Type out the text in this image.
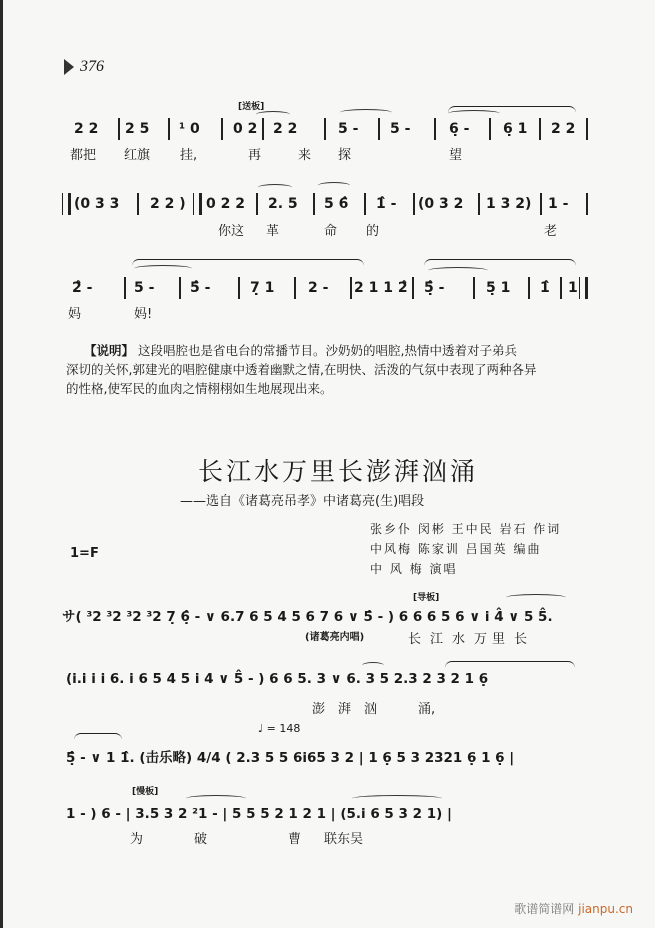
376
[送板]
2 2 2 5 ¹ 0 0 2 2 2	5 - 5 -	6̣ - 6̣ 1 2 2
都把 红旗 挂,	再	来 探	望
(0 3 3 2 2 ) 0 2 2 2. 5 5 6̂ 1̂ - (0 3 2 1 3 2) 1 -
你这 革	命 的	老
2̂ -	5 -	5̂ -	7̣ 1 2 - 2 1 1 2̂ 5̣̂ -	5̣ 1 1̂ 1
妈	妈!
【说明】 这段唱腔也是省电台的常播节目。沙奶奶的唱腔,热情中透着对子弟兵
深切的关怀,郭建光的唱腔健康中透着幽默之情,在明快、活泼的气氛中表现了两种各异
的性格,使军民的血肉之情栩栩如生地展现出来。
长江水万里长澎湃汹涌
——选自《诸葛亮吊孝》中诸葛亮(生)唱段
张乡仆 闵彬 王中民 岩石 作词
中风梅 陈家训 吕国英 编曲
中 风 梅 演唱
1=F
[导板]
サ( ³2 ³2 ³2 ³2 7̣ 6̣̂ - ∨ 6.7 6 5 4 5 6 7 6 ∨ 5̂ - ) 6 6 6 5 6 ∨ i 4̂ ∨ 5 5̂.
(诸葛亮内唱)	长 江 水 万 里 长
(i.i i i 6. i 6 5 4 5 i 4 ∨ 5̂ - ) 6 6 5. 3 ∨ 6. 3 5 2.3 2 3 2 1 6̣
澎 湃 汹	涌,
♩ = 148
5̣̂ - ∨ 1 1̂. (击乐略) 4/4 ( 2.3 5 5 6i65 3 2 | 1 6̣ 5 3 2321 6̣ 1 6̣ |
[慢板]
1 - ) 6 - | 3.5 3 2 ²1 - | 5 5 5 2 1 2 1 | (5.i 6 5 3 2 1) |
为	破	曹 联东吴
歌谱简谱网 jianpu.cn
